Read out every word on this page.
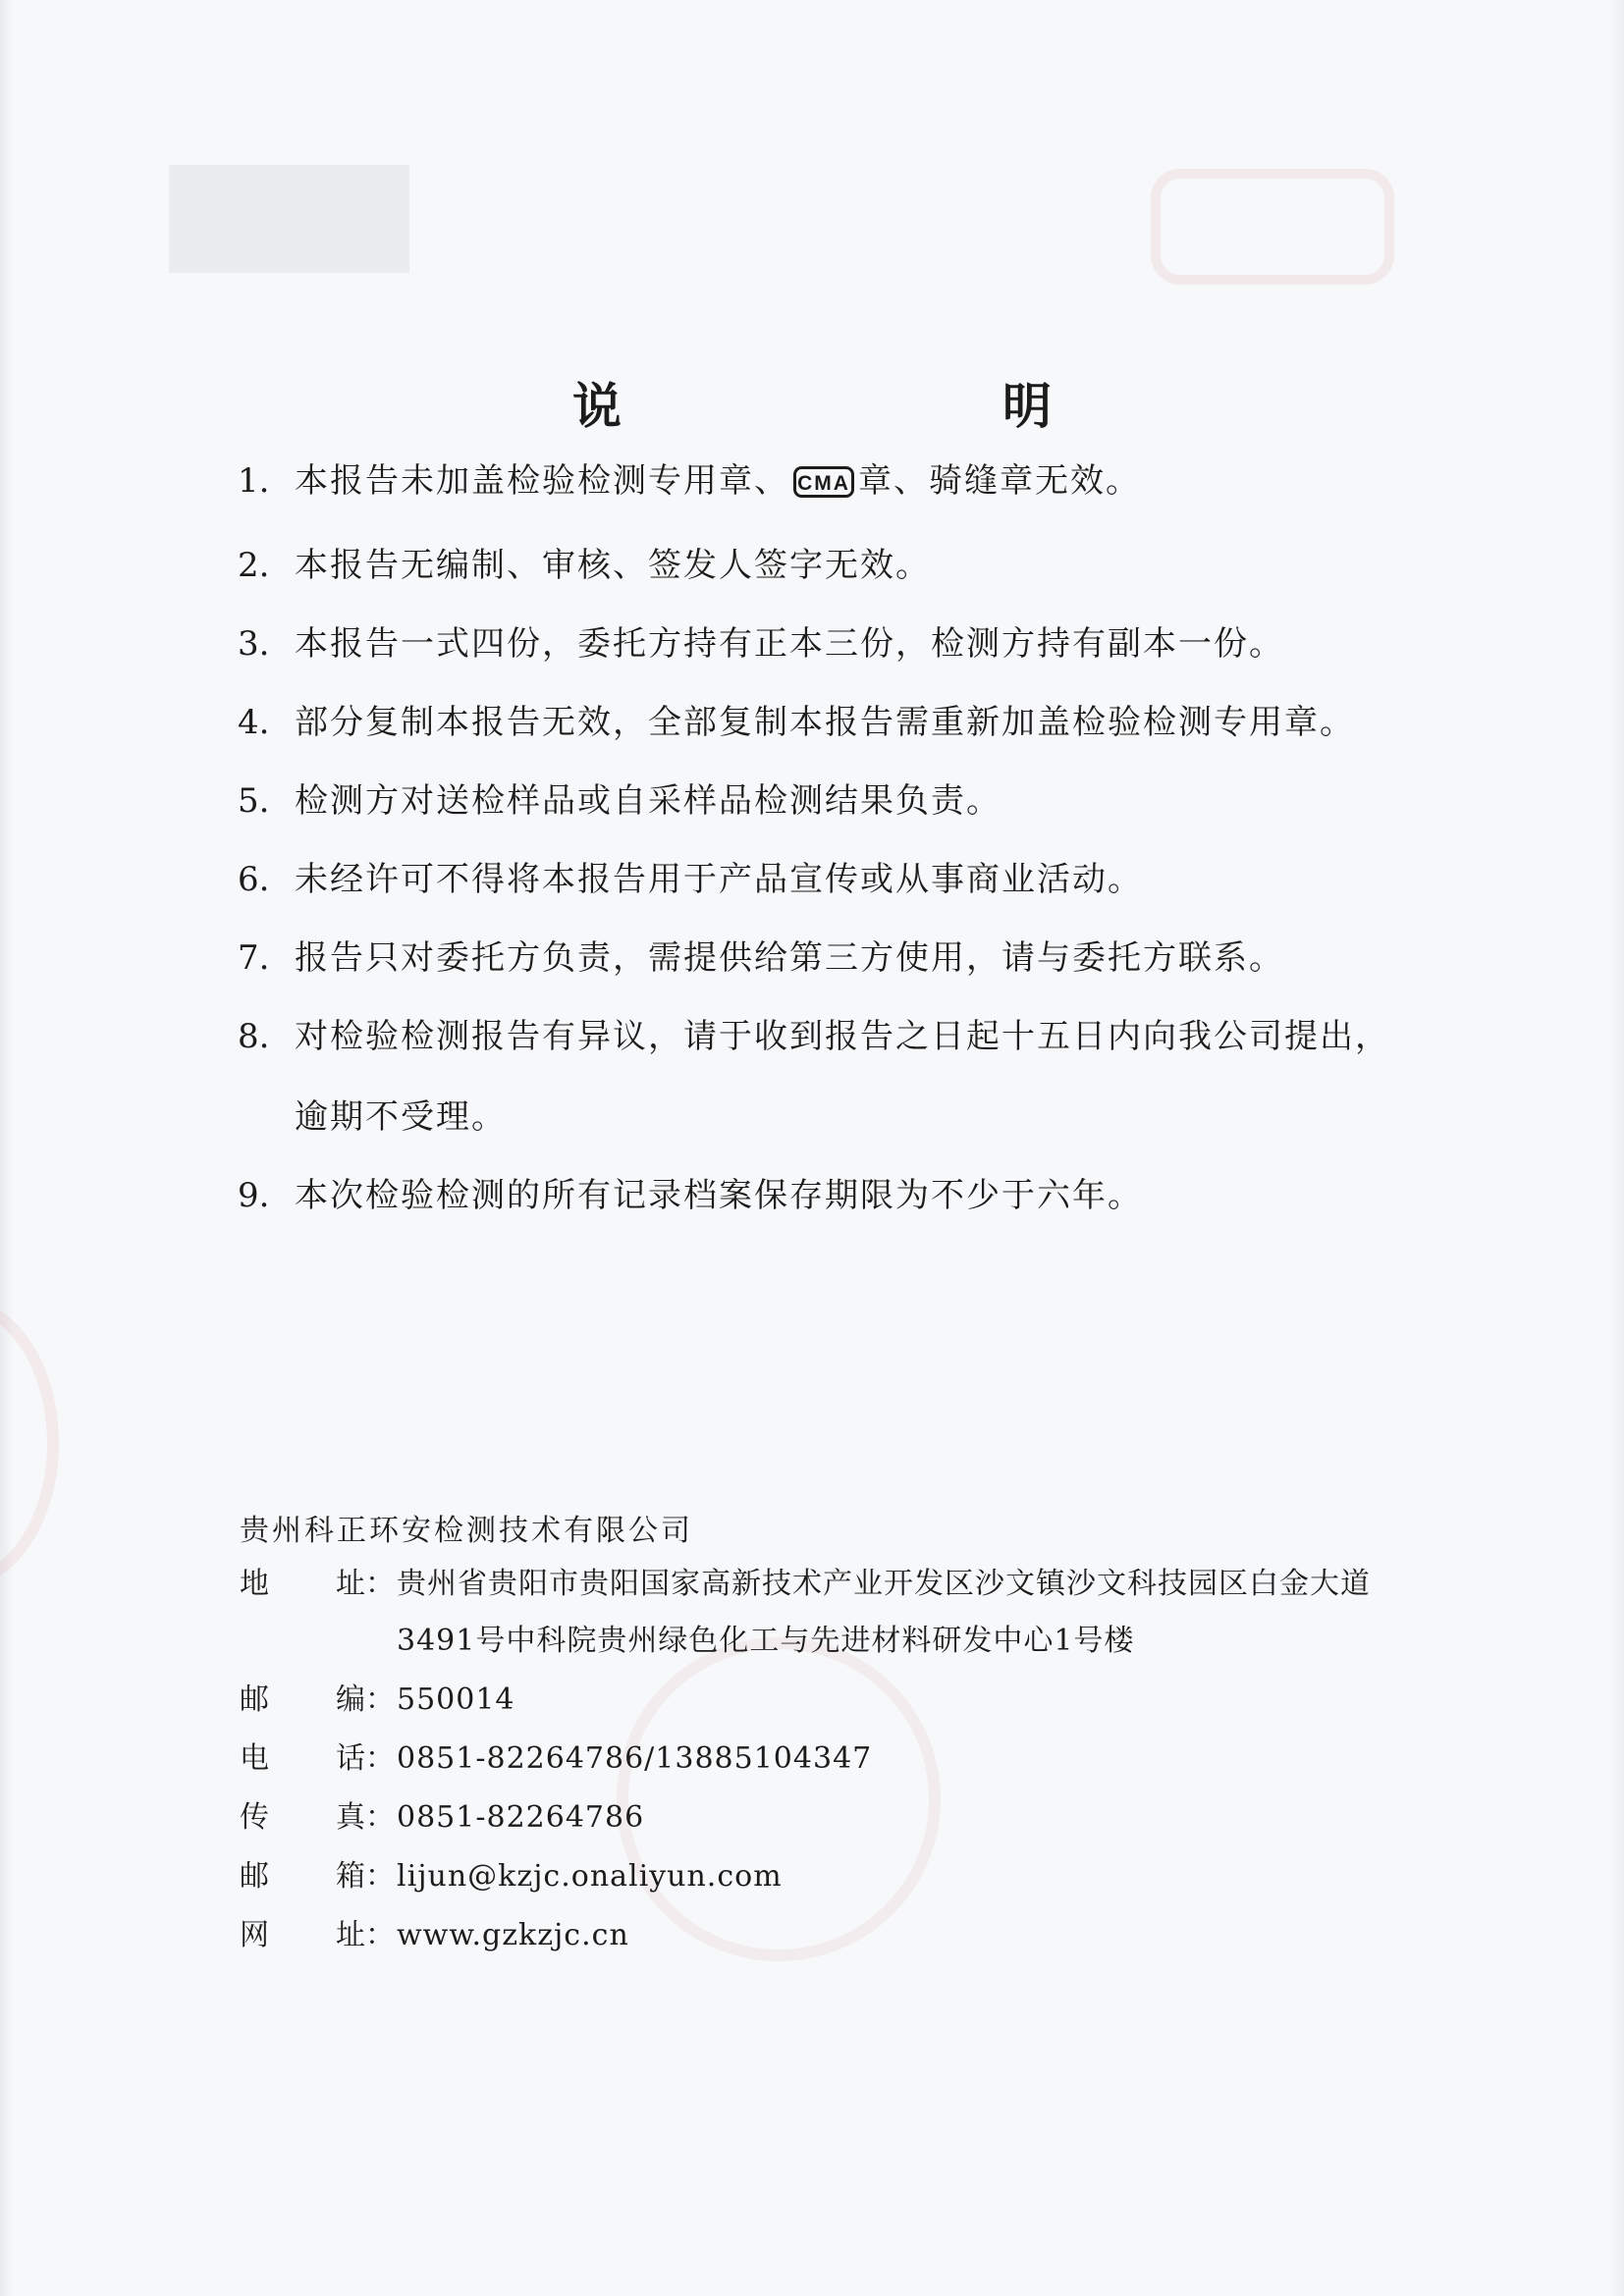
说　　明
1. 本报告未加盖检验检测专用章、 CMA 章、骑缝章无效。
2. 本报告无编制、审核、签发人签字无效。
3. 本报告一式四份，委托方持有正本三份，检测方持有副本一份。
4. 部分复制本报告无效，全部复制本报告需重新加盖检验检测专用章。
5. 检测方对送检样品或自采样品检测结果负责。
6. 未经许可不得将本报告用于产品宣传或从事商业活动。
7. 报告只对委托方负责，需提供给第三方使用，请与委托方联系。
8. 对检验检测报告有异议，请于收到报告之日起十五日内向我公司提出，
逾期不受理。
9. 本次检验检测的所有记录档案保存期限为不少于六年。
贵州科正环安检测技术有限公司
地 址： 贵州省贵阳市贵阳国家高新技术产业开发区沙文镇沙文科技园区白金大道
3491号中科院贵州绿色化工与先进材料研发中心1号楼
邮 编： 550014
电 话： 0851-82264786/13885104347
传 真： 0851-82264786
邮 箱： lijun@kzjc.onaliyun.com
网 址： www.gzkzjc.cn
